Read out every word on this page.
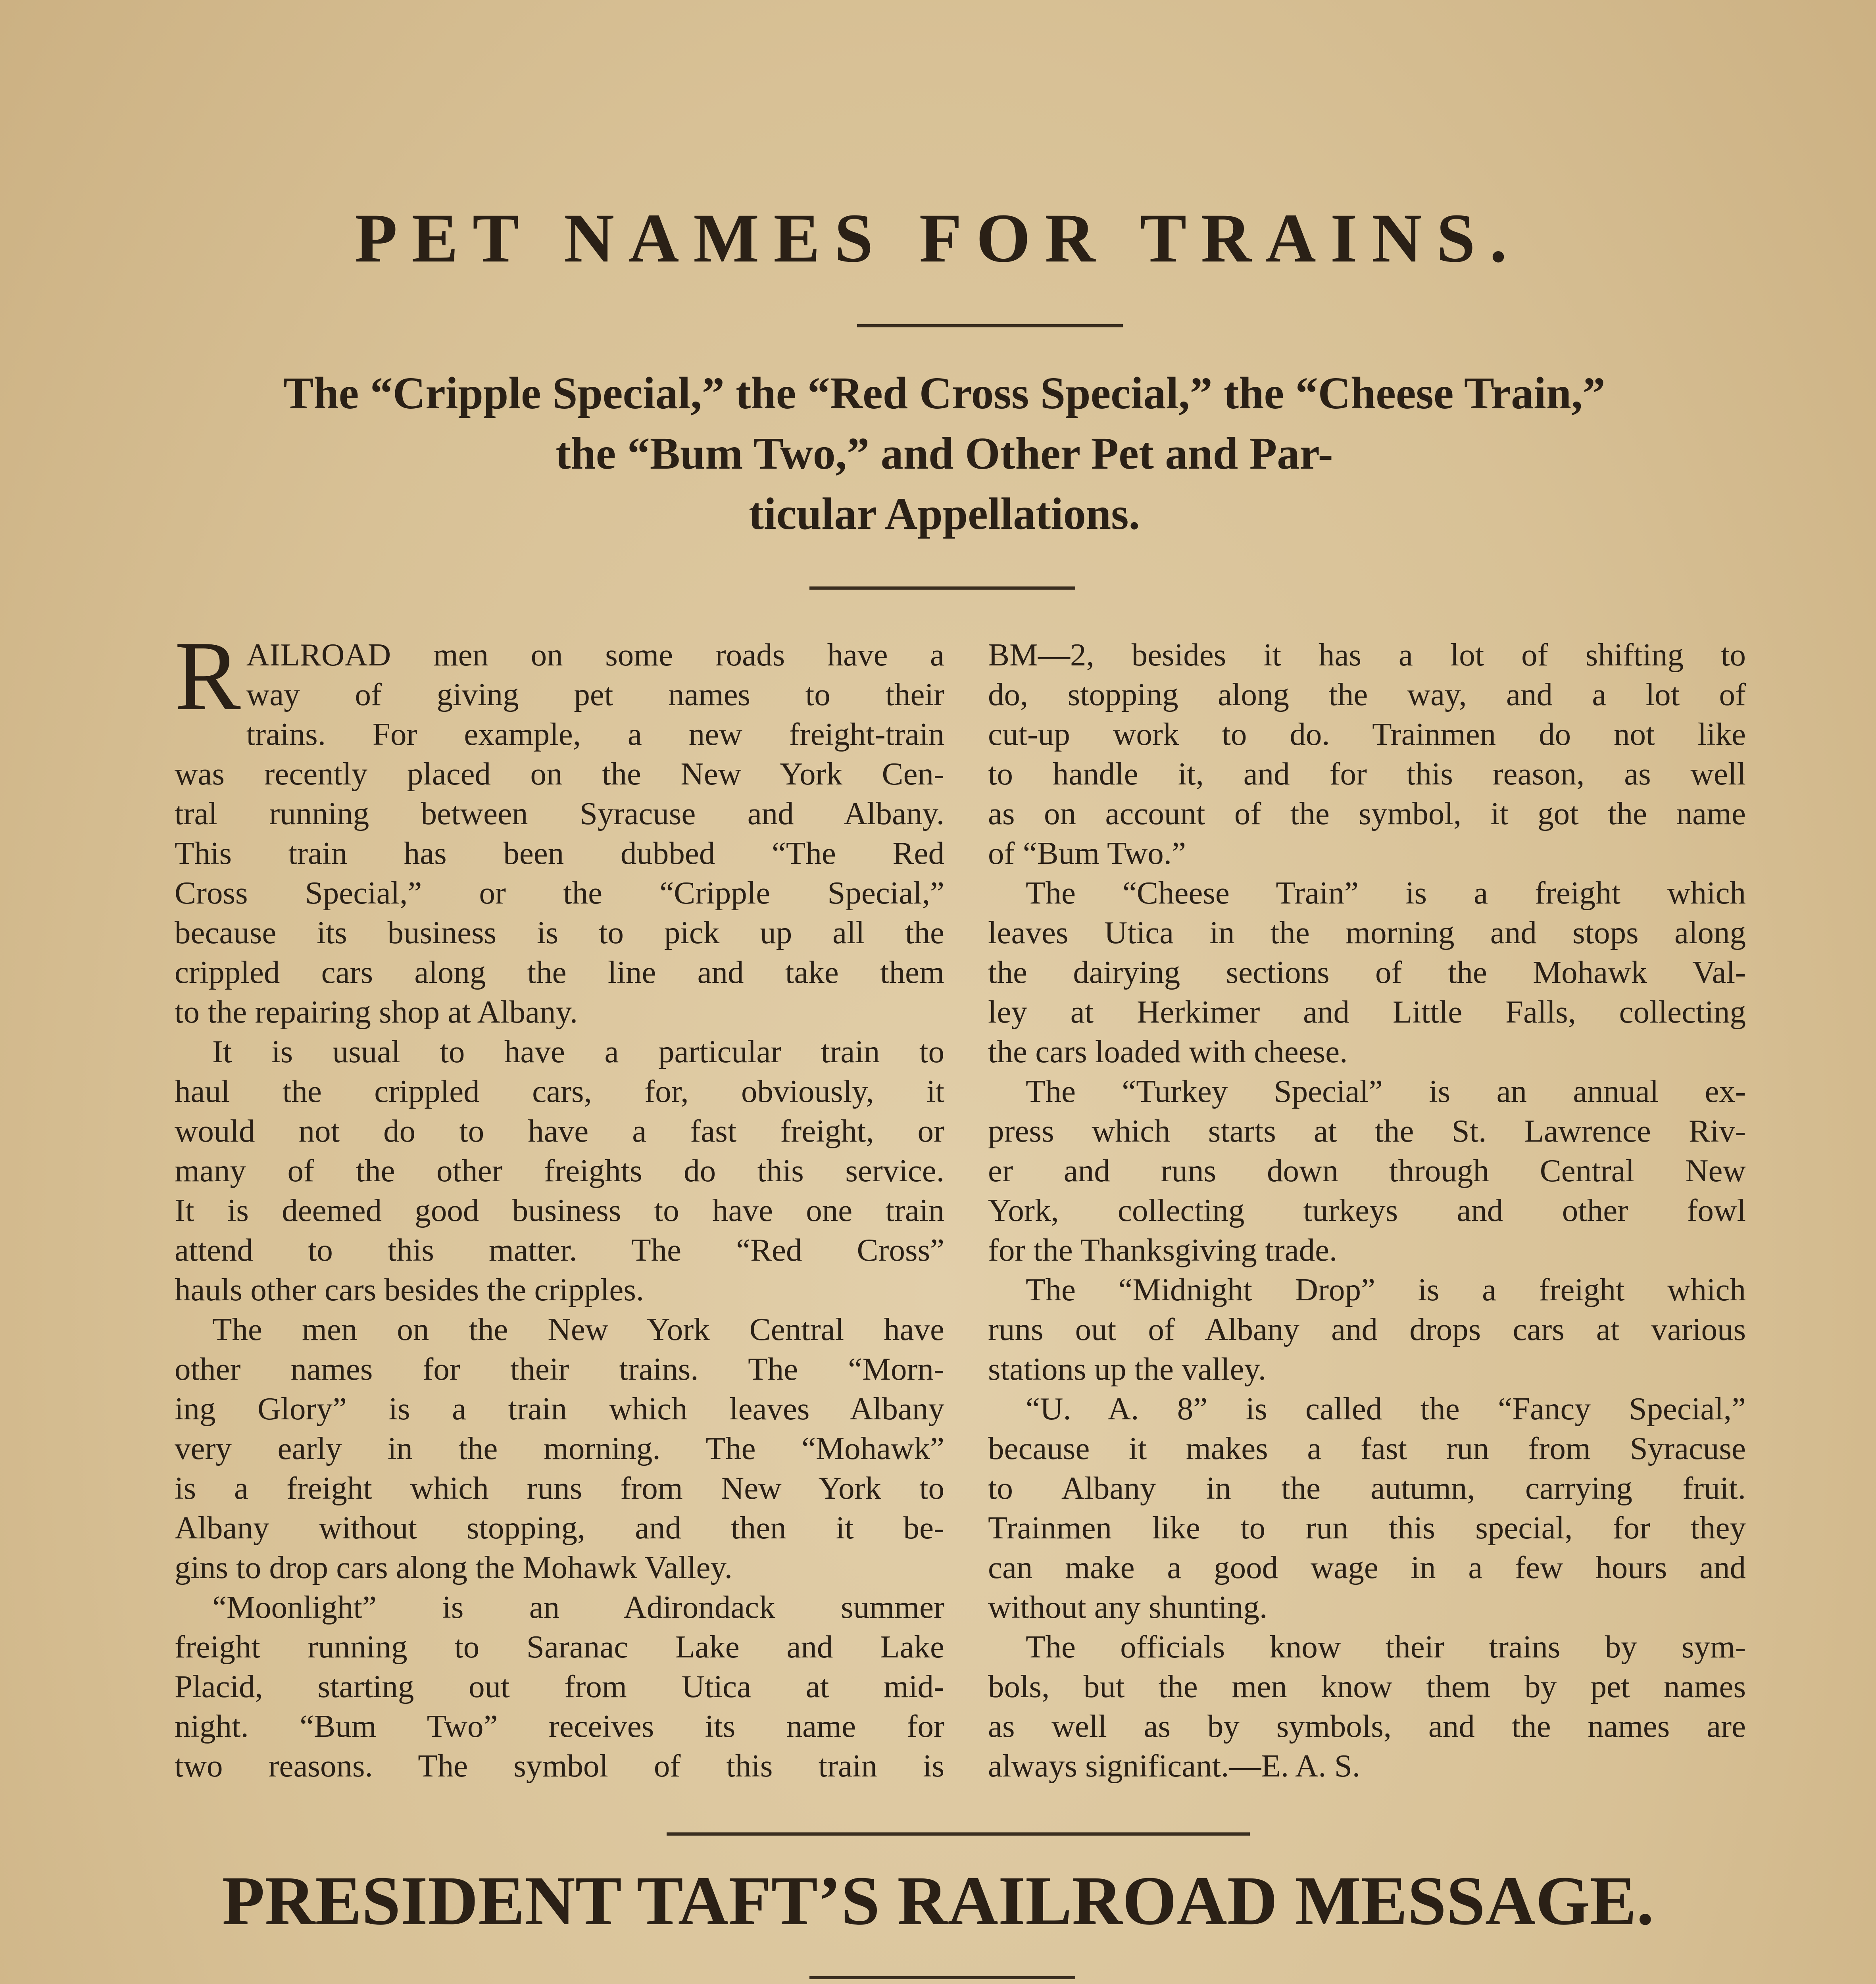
PET NAMES FOR TRAINS.
The “Cripple Special,” the “Red Cross Special,” the “Cheese Train,”
the “Bum Two,” and Other Pet and Par-
ticular Appellations.
R AILROAD men on some roads have a
way of giving pet names to their
trains. For example, a new freight-train
was recently placed on the New York Cen-
tral running between Syracuse and Albany.
This train has been dubbed “The Red
Cross Special,” or the “Cripple Special,”
because its business is to pick up all the
crippled cars along the line and take them
to the repairing shop at Albany.
It is usual to have a particular train to
haul the crippled cars, for, obviously, it
would not do to have a fast freight, or
many of the other freights do this service.
It is deemed good business to have one train
attend to this matter. The “Red Cross”
hauls other cars besides the cripples.
The men on the New York Central have
other names for their trains. The “Morn-
ing Glory” is a train which leaves Albany
very early in the morning. The “Mohawk”
is a freight which runs from New York to
Albany without stopping, and then it be-
gins to drop cars along the Mohawk Valley.
“Moonlight” is an Adirondack summer
freight running to Saranac Lake and Lake
Placid, starting out from Utica at mid-
night. “Bum Two” receives its name for
two reasons. The symbol of this train is
BM—2, besides it has a lot of shifting to
do, stopping along the way, and a lot of
cut-up work to do. Trainmen do not like
to handle it, and for this reason, as well
as on account of the symbol, it got the name
of “Bum Two.”
The “Cheese Train” is a freight which
leaves Utica in the morning and stops along
the dairying sections of the Mohawk Val-
ley at Herkimer and Little Falls, collecting
the cars loaded with cheese.
The “Turkey Special” is an annual ex-
press which starts at the St. Lawrence Riv-
er and runs down through Central New
York, collecting turkeys and other fowl
for the Thanksgiving trade.
The “Midnight Drop” is a freight which
runs out of Albany and drops cars at various
stations up the valley.
“U. A. 8” is called the “Fancy Special,”
because it makes a fast run from Syracuse
to Albany in the autumn, carrying fruit.
Trainmen like to run this special, for they
can make a good wage in a few hours and
without any shunting.
The officials know their trains by sym-
bols, but the men know them by pet names
as well as by symbols, and the names are
always significant.—E. A. S.
PRESIDENT TAFT’S RAILROAD MESSAGE.
